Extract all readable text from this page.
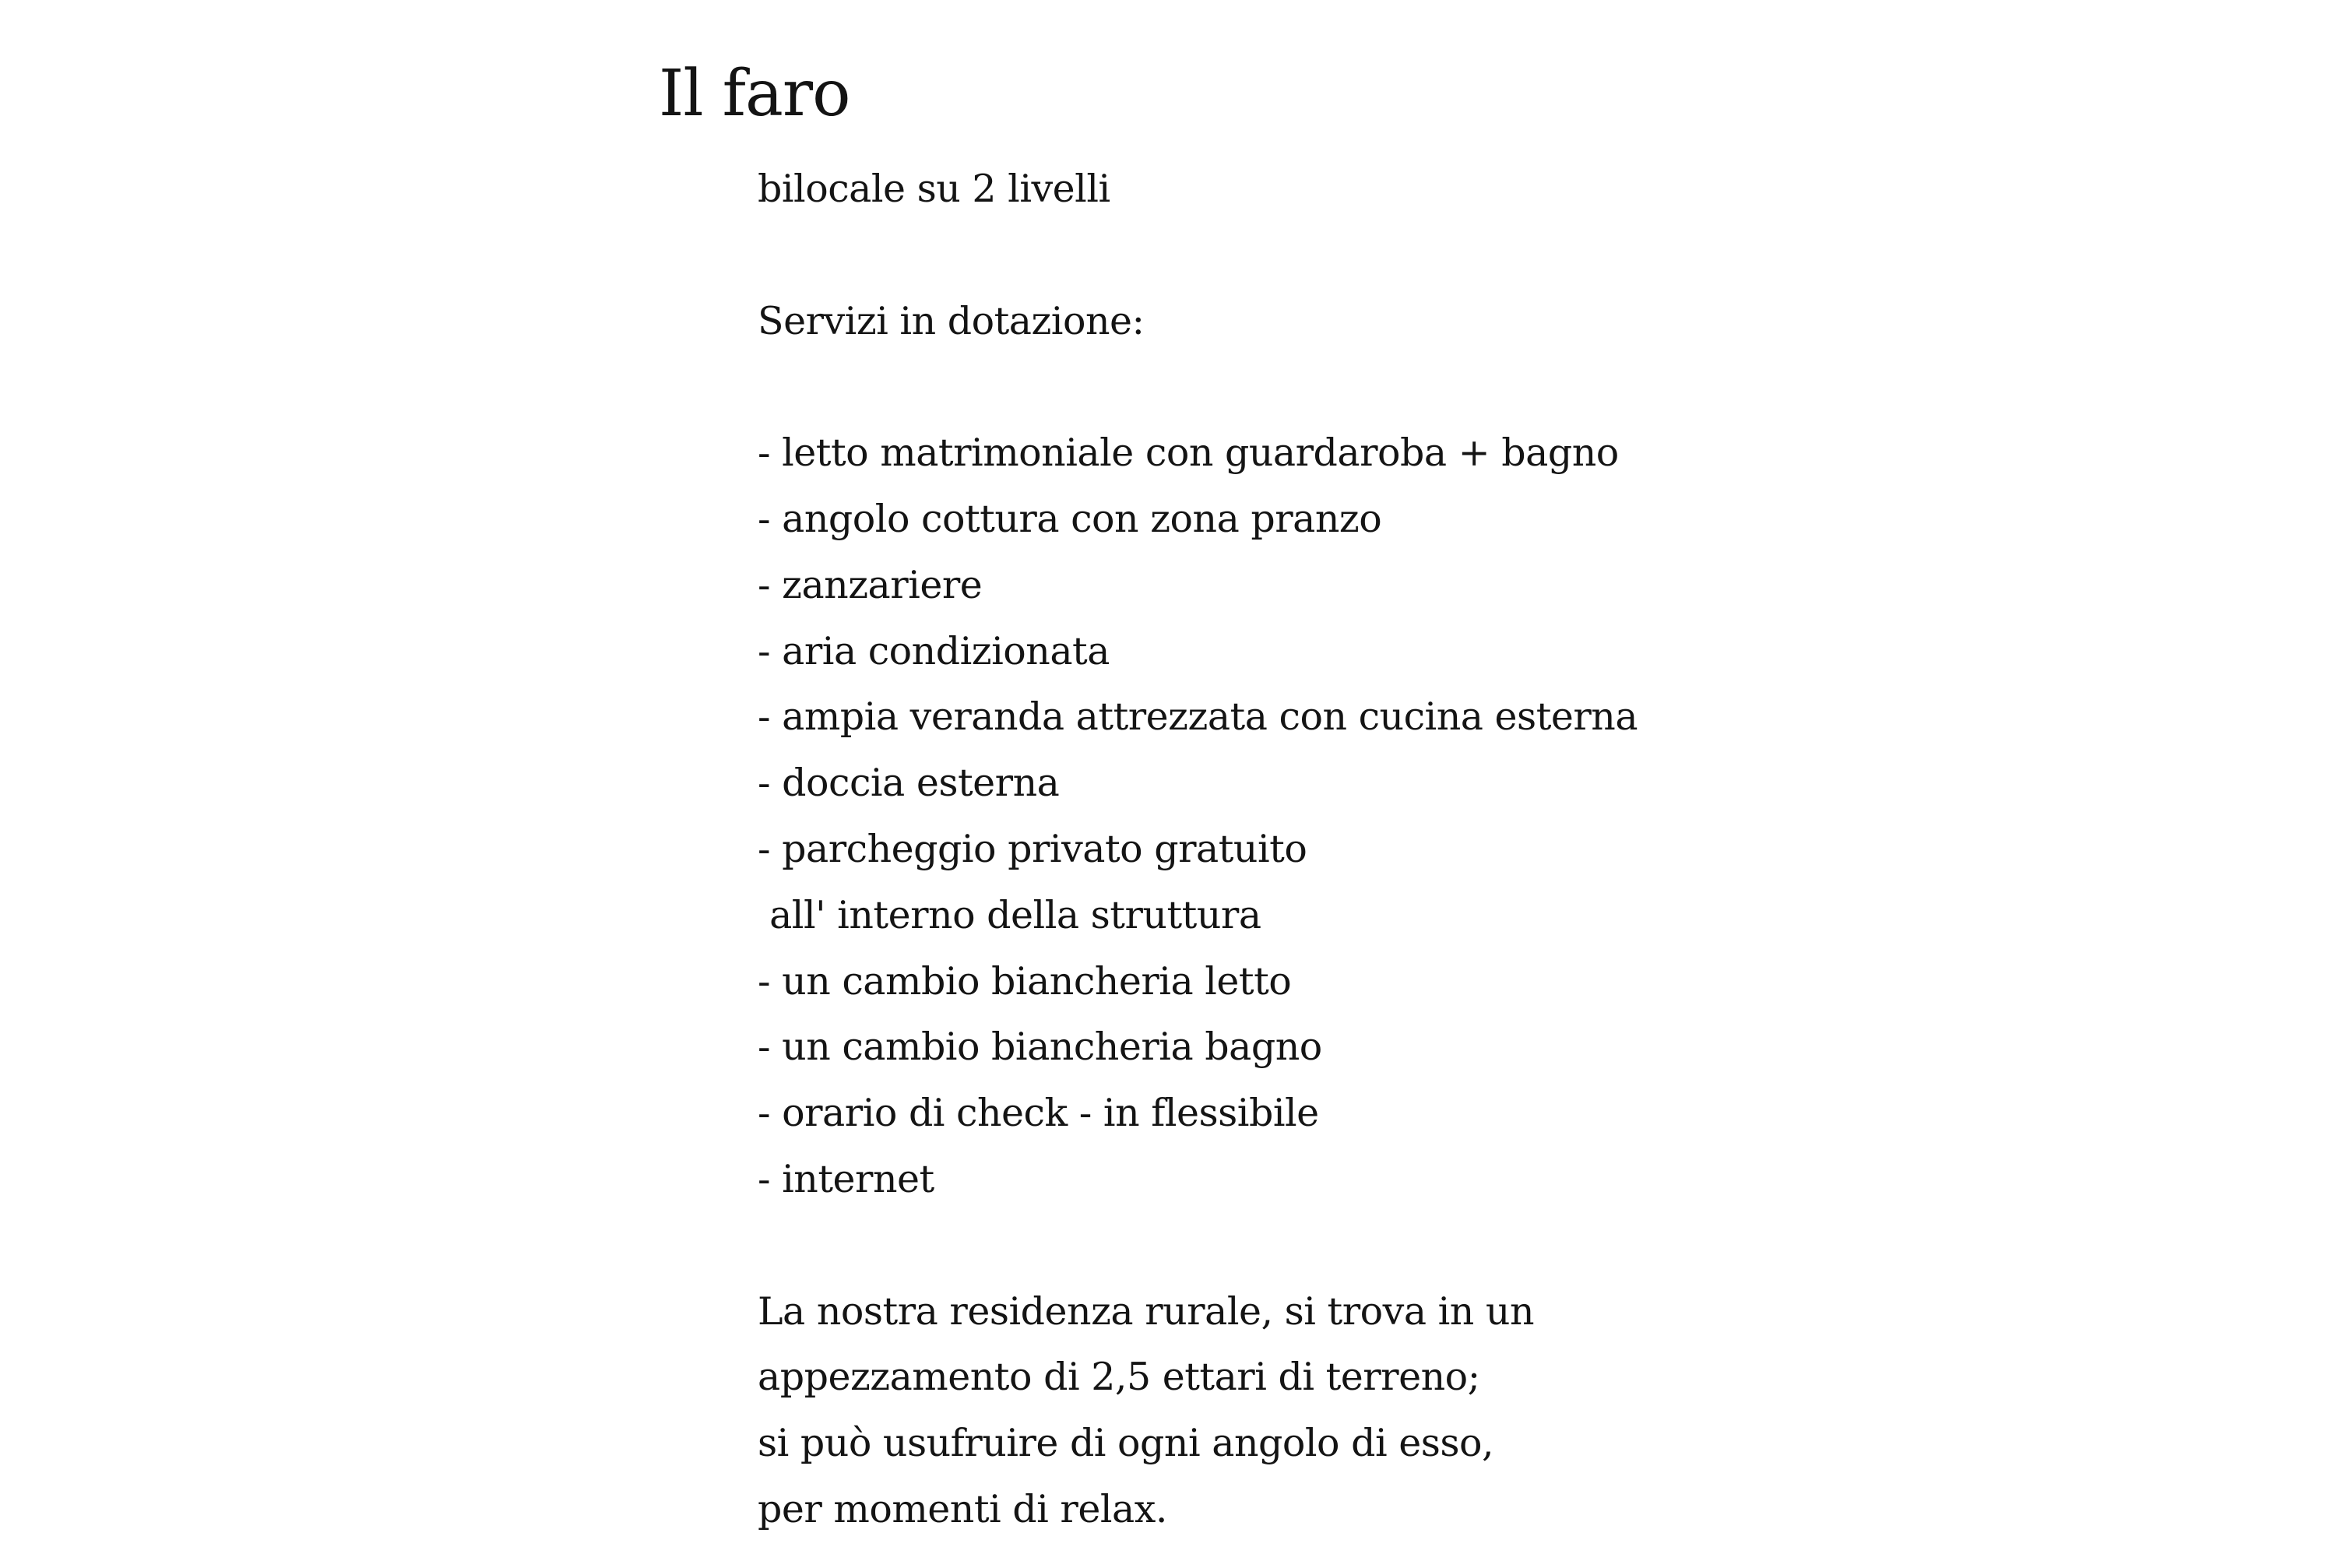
Il faro
bilocale su 2 livelli
Servizi in dotazione:
- letto matrimoniale con guardaroba + bagno
- angolo cottura con zona pranzo
- zanzariere
- aria condizionata
- ampia veranda attrezzata con cucina esterna
- doccia esterna
- parcheggio privato gratuito
all' interno della struttura
- un cambio biancheria letto
- un cambio biancheria bagno
- orario di check - in flessibile
- internet
La nostra residenza rurale, si trova in un
appezzamento di 2,5 ettari di terreno;
si può usufruire di ogni angolo di esso,
per momenti di relax.
